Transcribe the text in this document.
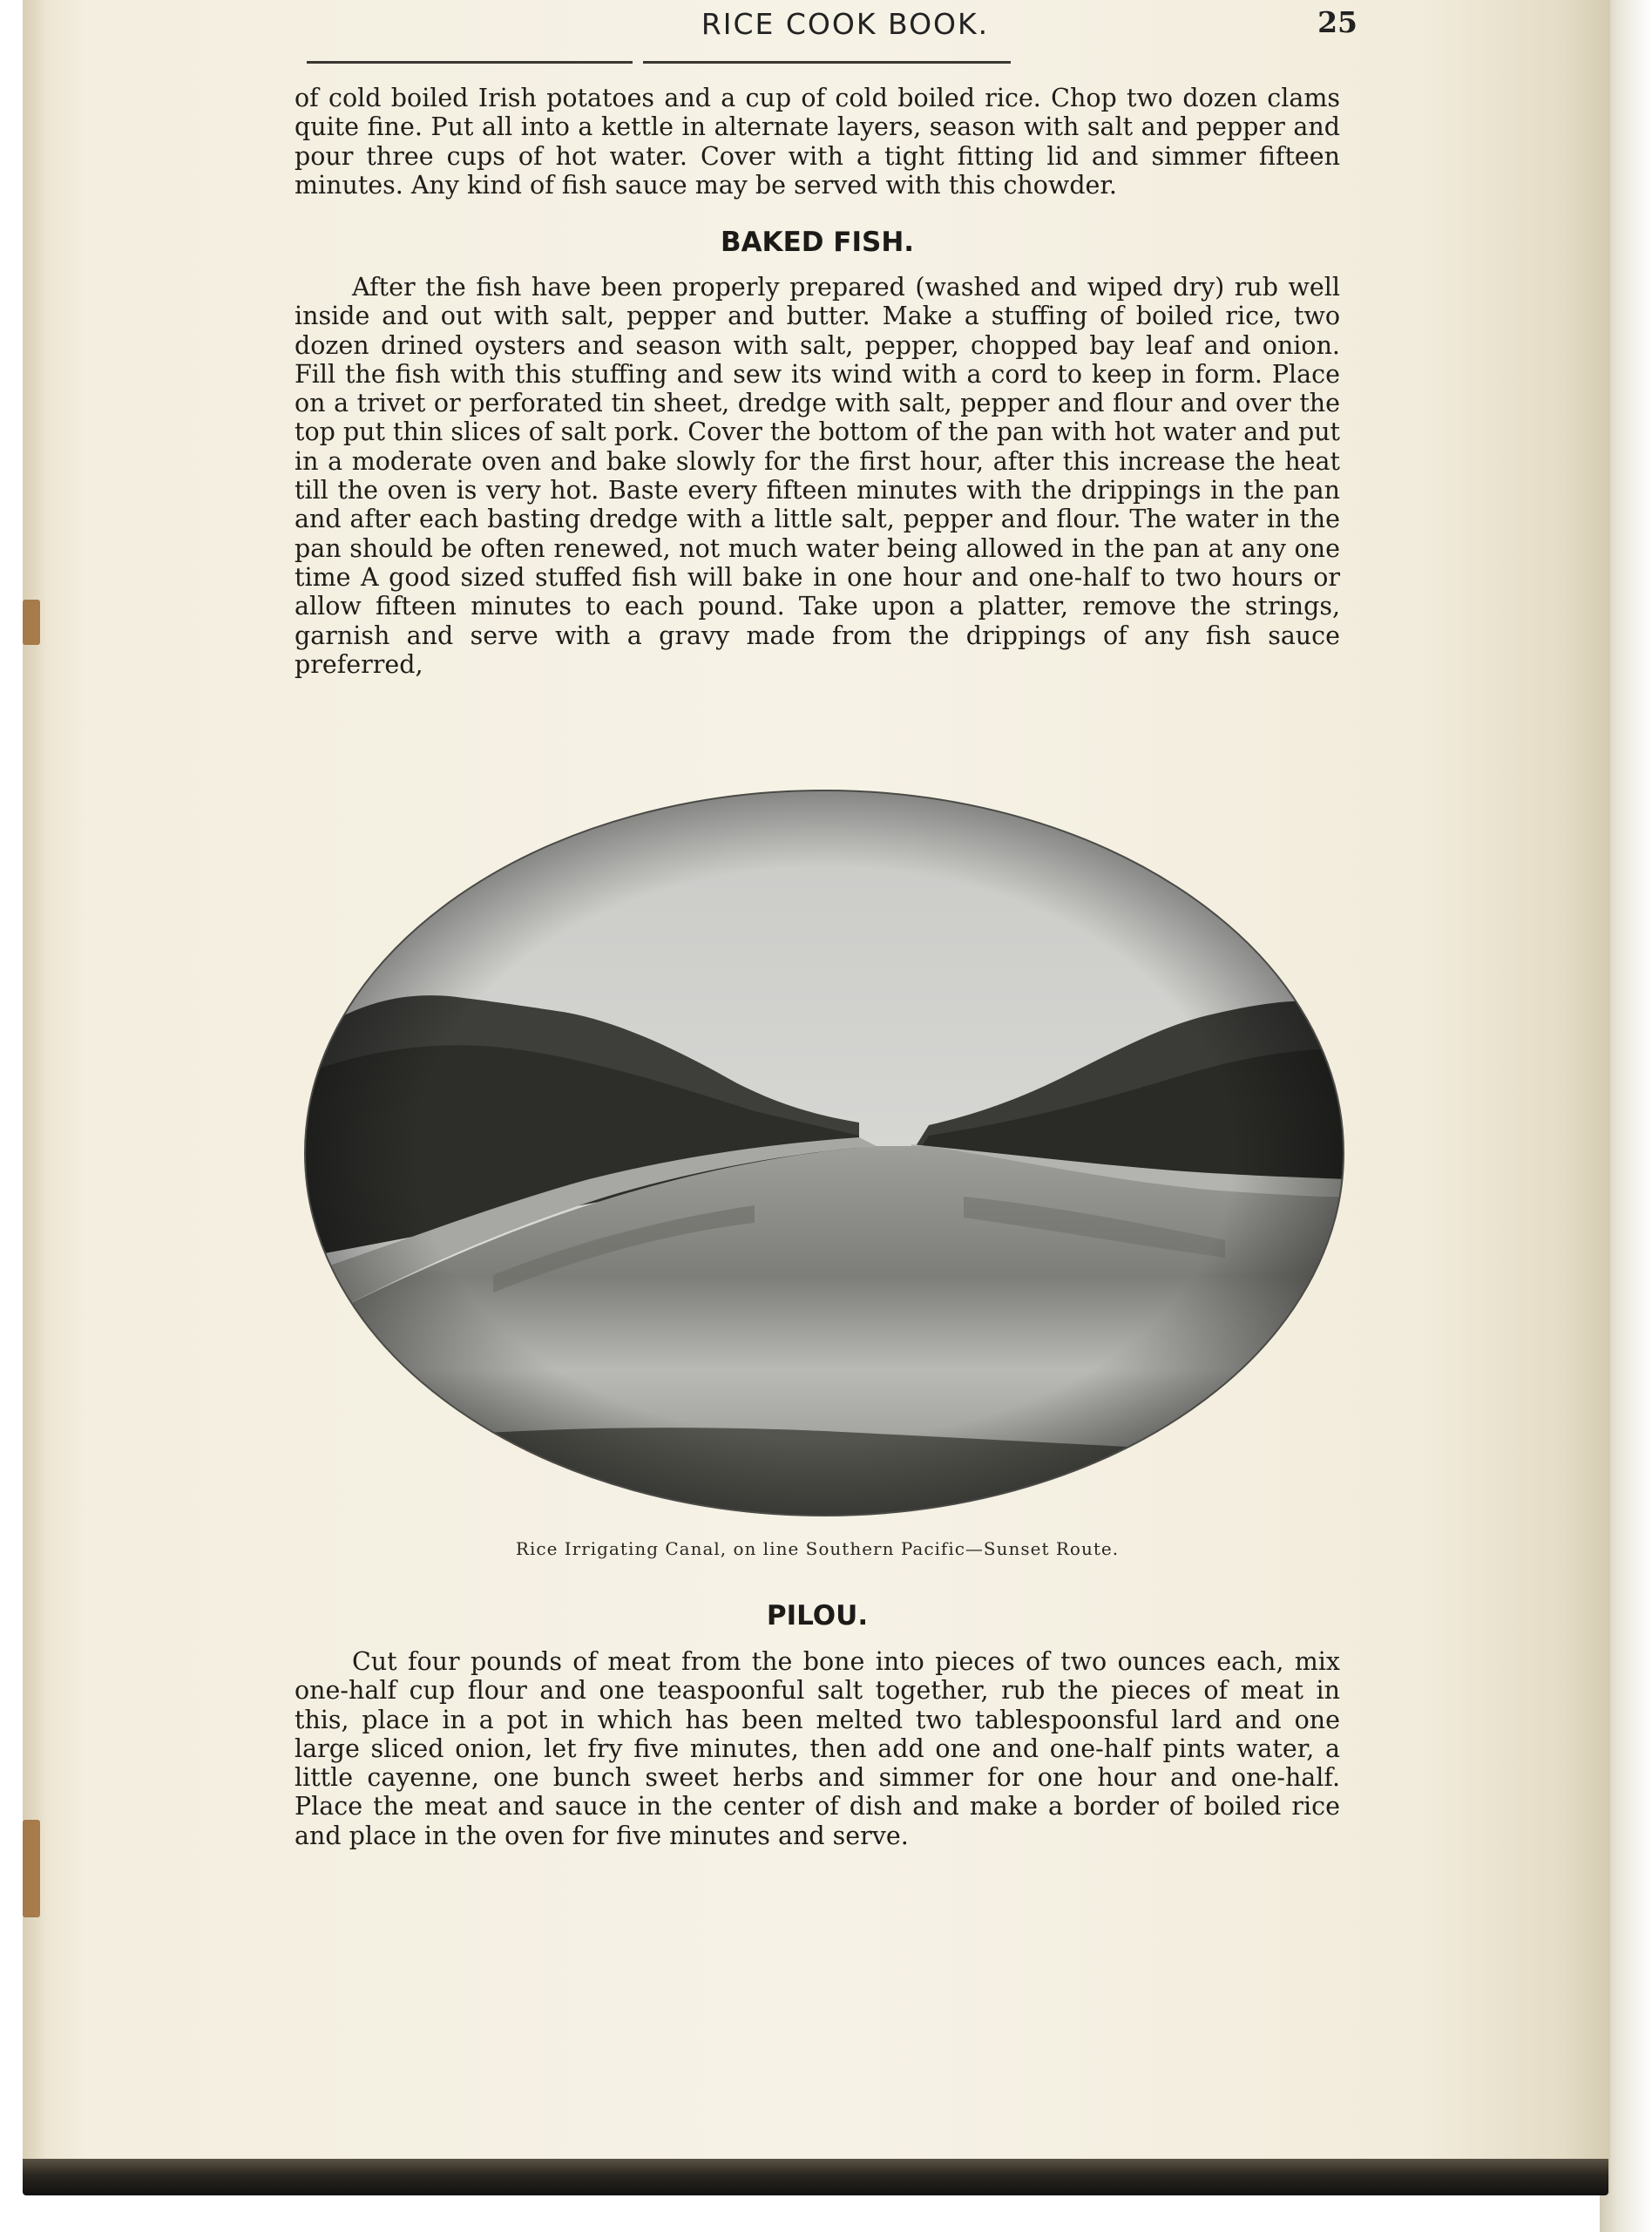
RICE COOK BOOK.	25

of cold boiled Irish potatoes and a cup of cold boiled rice. Chop two dozen clams quite fine. Put all into a kettle in alternate layers, season with salt and pepper and pour three cups of hot water. Cover with a tight fitting lid and simmer fifteen minutes. Any kind of fish sauce may be served with this chowder.

BAKED FISH.

After the fish have been properly prepared (washed and wiped dry) rub well inside and out with salt, pepper and butter. Make a stuffing of boiled rice, two dozen drined oysters and season with salt, pepper, chopped bay leaf and onion. Fill the fish with this stuffing and sew its wind with a cord to keep in form. Place on a trivet or perforated tin sheet, dredge with salt, pepper and flour and over the top put thin slices of salt pork. Cover the bottom of the pan with hot water and put in a moderate oven and bake slowly for the first hour, after this increase the heat till the oven is very hot. Baste every fifteen minutes with the drippings in the pan and after each basting dredge with a little salt, pepper and flour. The water in the pan should be often renewed, not much water being allowed in the pan at any one time A good sized stuffed fish will bake in one hour and one-half to two hours or allow fifteen minutes to each pound. Take upon a platter, remove the strings, garnish and serve with a gravy made from the drippings of any fish sauce preferred,

Rice Irrigating Canal, on line Southern Pacific—Sunset Route.
PILOU.

Cut four pounds of meat from the bone into pieces of two ounces each, mix one-half cup flour and one teaspoonful salt together, rub the pieces of meat in this, place in a pot in which has been melted two tablespoonsful lard and one large sliced onion, let fry five minutes, then add one and one-half pints water, a little cayenne, one bunch sweet herbs and simmer for one hour and one-half. Place the meat and sauce in the center of dish and make a border of boiled rice and place in the oven for five minutes and serve.
